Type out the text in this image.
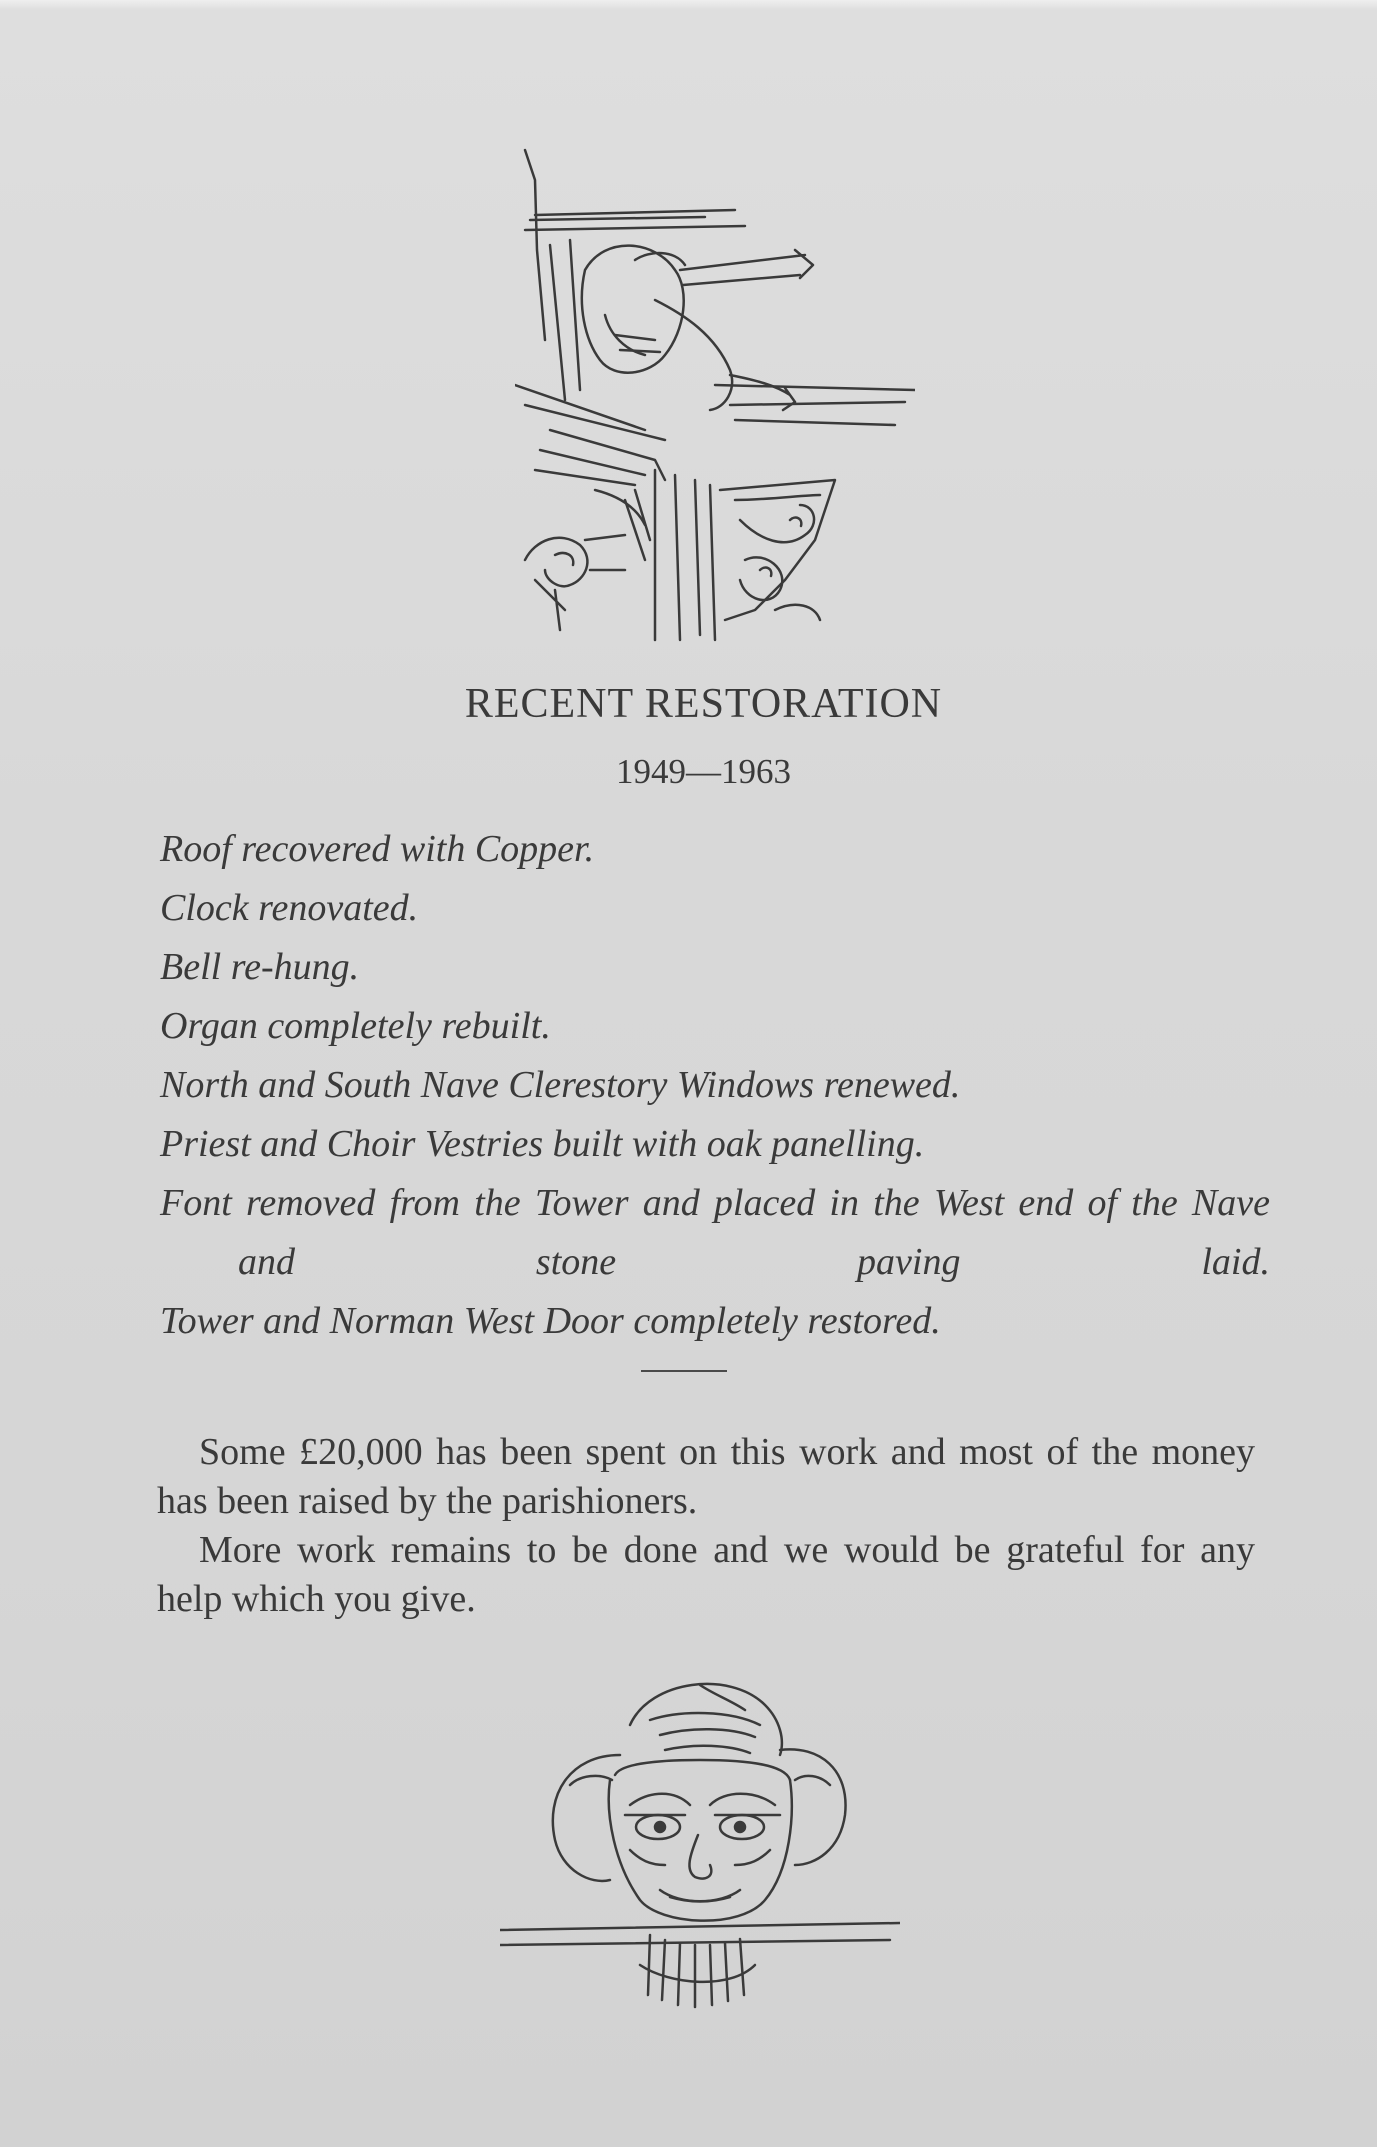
RECENT RESTORATION
1949—1963
Roof recovered with Copper.
Clock renovated.
Bell re-hung.
Organ completely rebuilt.
North and South Nave Clerestory Windows renewed.
Priest and Choir Vestries built with oak panelling.
Font removed from the Tower and placed in the West end of the Nave and stone paving laid.
Tower and Norman West Door completely restored.

Some £20,000 has been spent on this work and most of the money has been raised by the parishioners.

More work remains to be done and we would be grateful for any help which you give.
